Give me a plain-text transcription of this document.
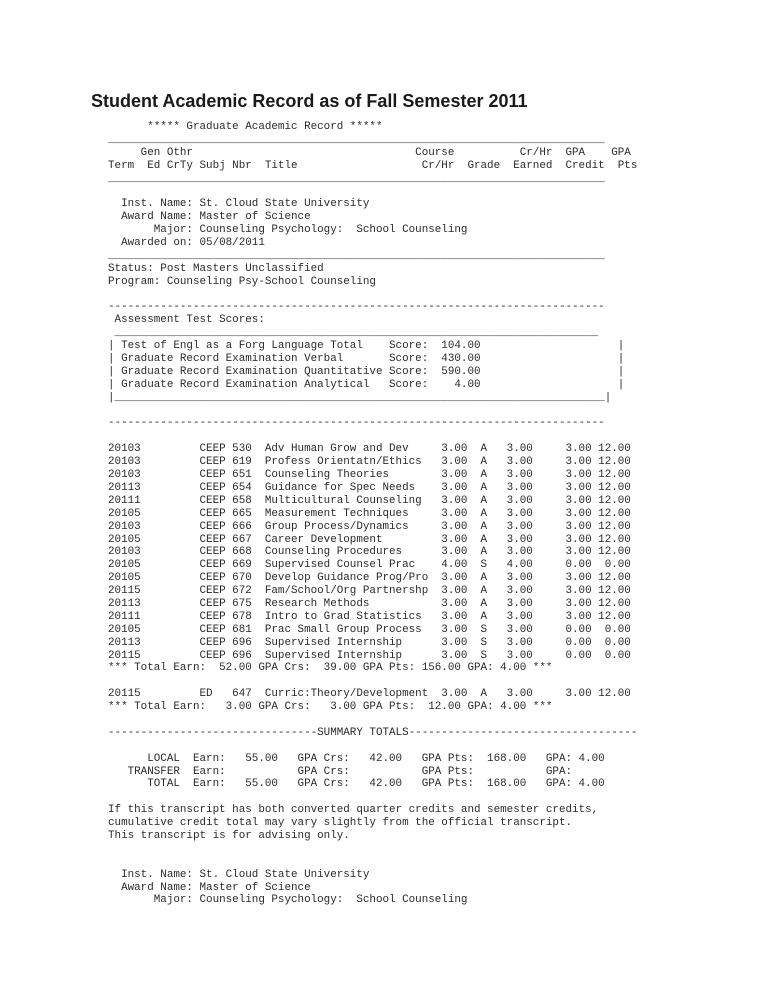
Student Academic Record as of Fall Semester 2011
***** Graduate Academic Record *****
____________________________________________________________________________
Gen Othr                                  Course          Cr/Hr  GPA    GPA
Term  Ed CrTy Subj Nbr  Title                   Cr/Hr  Grade  Earned  Credit  Pts
____________________________________________________________________________
Inst. Name: St. Cloud State University
Award Name: Master of Science
Major: Counseling Psychology:  School Counseling
Awarded on: 05/08/2011
____________________________________________________________________________
Status: Post Masters Unclassified
Program: Counseling Psy-School Counseling
----------------------------------------------------------------------------
Assessment Test Scores:
__________________________________________________________________________
| Test of Engl as a Forg Language Total    Score:  104.00                     |
| Graduate Record Examination Verbal       Score:  430.00                     |
| Graduate Record Examination Quantitative Score:  590.00                     |
| Graduate Record Examination Analytical   Score:    4.00                     |
|___________________________________________________________________________|
----------------------------------------------------------------------------
20103         CEEP 530  Adv Human Grow and Dev     3.00  A   3.00     3.00 12.00
20103         CEEP 619  Profess Orientatn/Ethics   3.00  A   3.00     3.00 12.00
20103         CEEP 651  Counseling Theories        3.00  A   3.00     3.00 12.00
20113         CEEP 654  Guidance for Spec Needs    3.00  A   3.00     3.00 12.00
20111         CEEP 658  Multicultural Counseling   3.00  A   3.00     3.00 12.00
20105         CEEP 665  Measurement Techniques     3.00  A   3.00     3.00 12.00
20103         CEEP 666  Group Process/Dynamics     3.00  A   3.00     3.00 12.00
20105         CEEP 667  Career Development         3.00  A   3.00     3.00 12.00
20103         CEEP 668  Counseling Procedures      3.00  A   3.00     3.00 12.00
20105         CEEP 669  Supervised Counsel Prac    4.00  S   4.00     0.00  0.00
20105         CEEP 670  Develop Guidance Prog/Pro  3.00  A   3.00     3.00 12.00
20115         CEEP 672  Fam/School/Org Partnershp  3.00  A   3.00     3.00 12.00
20113         CEEP 675  Research Methods           3.00  A   3.00     3.00 12.00
20111         CEEP 678  Intro to Grad Statistics   3.00  A   3.00     3.00 12.00
20105         CEEP 681  Prac Small Group Process   3.00  S   3.00     0.00  0.00
20113         CEEP 696  Supervised Internship      3.00  S   3.00     0.00  0.00
20115         CEEP 696  Supervised Internship      3.00  S   3.00     0.00  0.00
*** Total Earn:  52.00 GPA Crs:  39.00 GPA Pts: 156.00 GPA: 4.00 ***
20115         ED   647  Curric:Theory/Development  3.00  A   3.00     3.00 12.00
*** Total Earn:   3.00 GPA Crs:   3.00 GPA Pts:  12.00 GPA: 4.00 ***
--------------------------------SUMMARY TOTALS-----------------------------------
LOCAL  Earn:   55.00   GPA Crs:   42.00   GPA Pts:  168.00   GPA: 4.00
TRANSFER  Earn:           GPA Crs:           GPA Pts:           GPA:
TOTAL  Earn:   55.00   GPA Crs:   42.00   GPA Pts:  168.00   GPA: 4.00
If this transcript has both converted quarter credits and semester credits,
cumulative credit total may vary slightly from the official transcript.
This transcript is for advising only.
Inst. Name: St. Cloud State University
Award Name: Master of Science
Major: Counseling Psychology:  School Counseling
